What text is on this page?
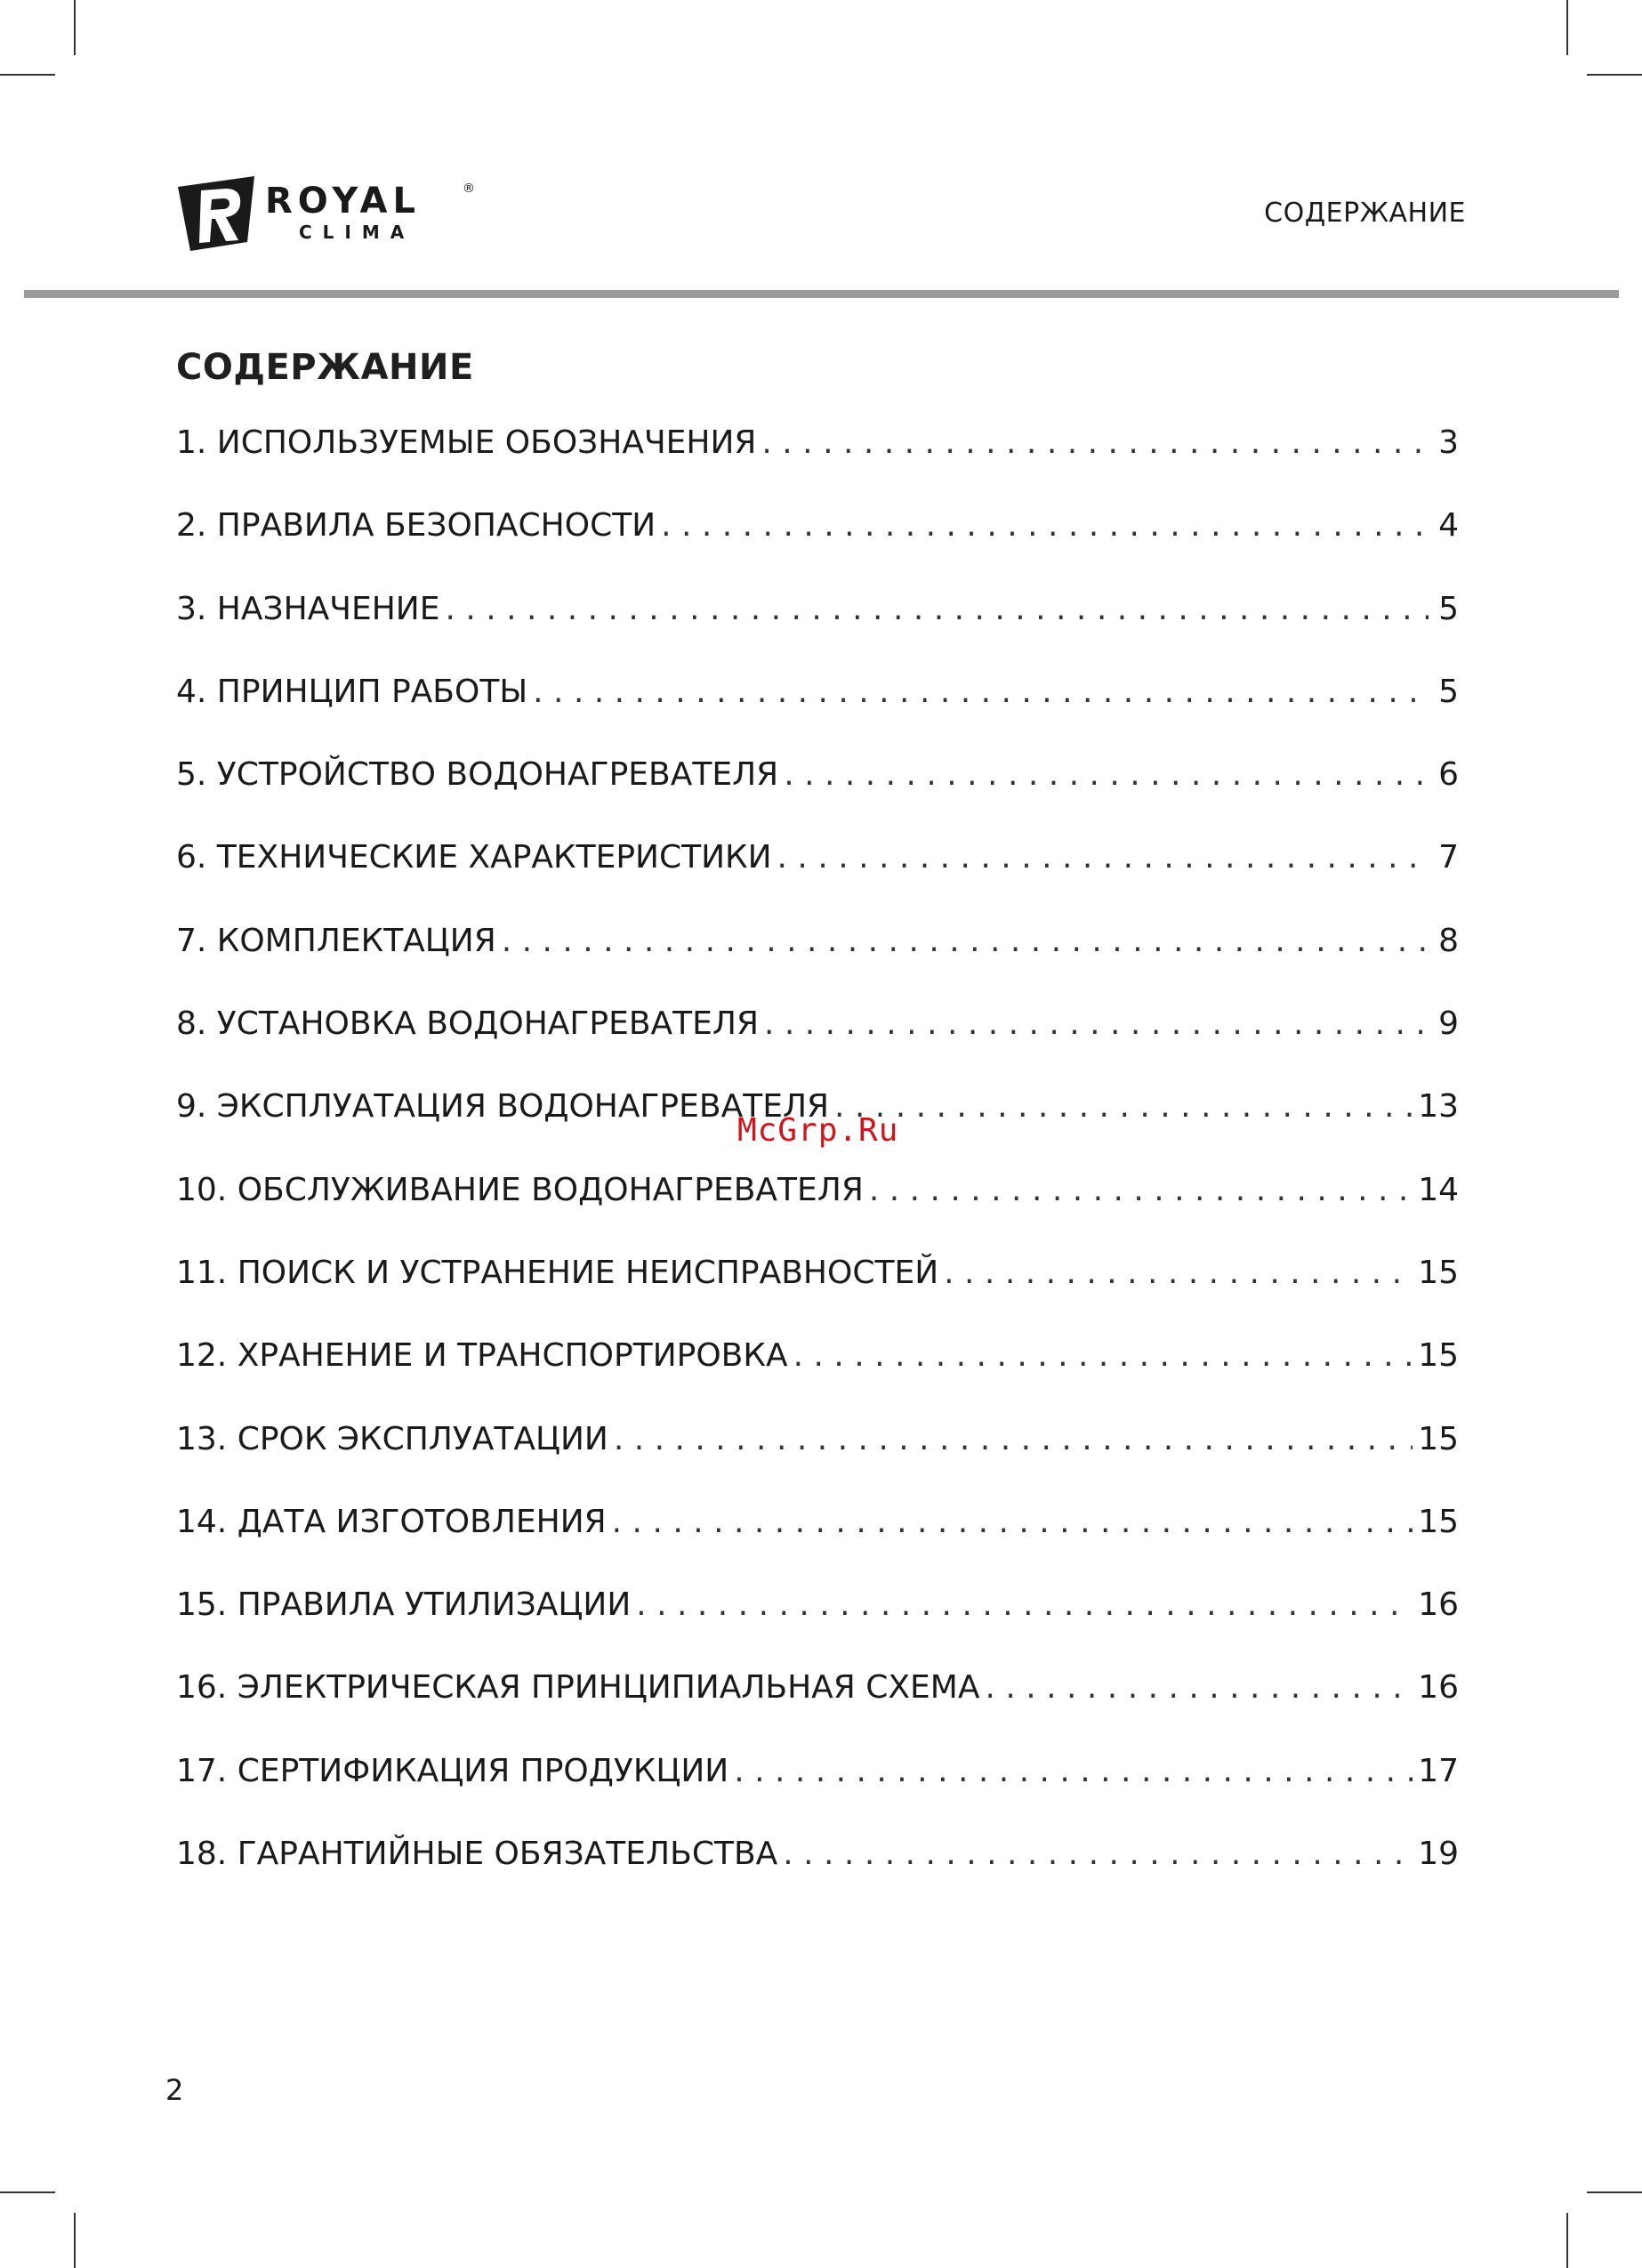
ROYAL	®
CLIMA
СОДЕРЖАНИЕ
СОДЕРЖАНИЕ
1. ИСПОЛЬЗУЕМЫЕ ОБОЗНАЧЕНИЯ . . .	3
2. ПРАВИЛА БЕЗОПАСНОСТИ . . .	4
3. НАЗНАЧЕНИЕ . . .	5
4. ПРИНЦИП РАБОТЫ . . .	5
5. УСТРОЙСТВО ВОДОНАГРЕВАТЕЛЯ . . .	6
6. ТЕХНИЧЕСКИЕ ХАРАКТЕРИСТИКИ . . .	7
7. КОМПЛЕКТАЦИЯ . . .	8
8. УСТАНОВКА ВОДОНАГРЕВАТЕЛЯ . . .	9
9. ЭКСПЛУАТАЦИЯ ВОДОНАГРЕВАТЕЛЯ . . .	13
10. ОБСЛУЖИВАНИЕ ВОДОНАГРЕВАТЕЛЯ . . .	14
11. ПОИСК И УСТРАНЕНИЕ НЕИСПРАВНОСТЕЙ . . .	15
12. ХРАНЕНИЕ И ТРАНСПОРТИРОВКА . . .	15
13. СРОК ЭКСПЛУАТАЦИИ . . .	15
14. ДАТА ИЗГОТОВЛЕНИЯ . . .	15
15. ПРАВИЛА УТИЛИЗАЦИИ . . .	16
16. ЭЛЕКТРИЧЕСКАЯ ПРИНЦИПИАЛЬНАЯ СХЕМА . . .	16
17. СЕРТИФИКАЦИЯ ПРОДУКЦИИ . . .	17
18. ГАРАНТИЙНЫЕ ОБЯЗАТЕЛЬСТВА . . .	19
McGrp.Ru
2
